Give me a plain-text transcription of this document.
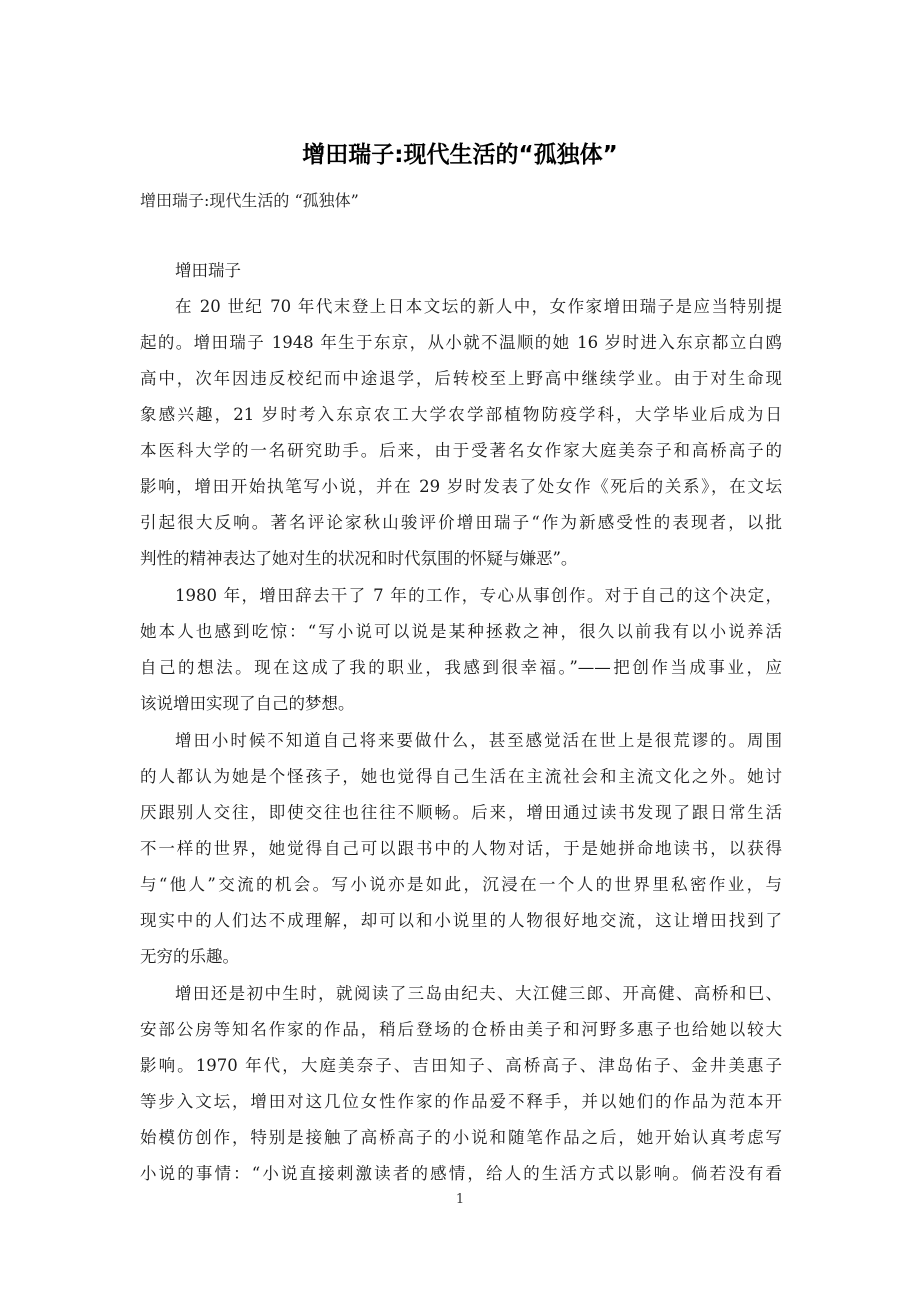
增田瑞子:现代生活的“孤独体”
增田瑞子:现代生活的 “孤独体”
增田瑞子
在 20 世纪 70 年代末登上日本文坛的新人中，女作家增田瑞子是应当特别提
起的。增田瑞子 1948 年生于东京，从小就不温顺的她 16 岁时进入东京都立白鸥
高中，次年因违反校纪而中途退学，后转校至上野高中继续学业。由于对生命现
象感兴趣，21 岁时考入东京农工大学农学部植物防疫学科，大学毕业后成为日
本医科大学的一名研究助手。后来，由于受著名女作家大庭美奈子和高桥高子的
影响，增田开始执笔写小说，并在 29 岁时发表了处女作《死后的关系》，在文坛
引起很大反响。著名评论家秋山骏评价增田瑞子“作为新感受性的表现者，以批
判性的精神表达了她对生的状况和时代氛围的怀疑与嫌恶”。
1980 年，增田辞去干了 7 年的工作，专心从事创作。对于自己的这个决定，
她本人也感到吃惊：“写小说可以说是某种拯救之神，很久以前我有以小说养活
自己的想法。现在这成了我的职业，我感到很幸福。”——把创作当成事业，应
该说增田实现了自己的梦想。
增田小时候不知道自己将来要做什么，甚至感觉活在世上是很荒谬的。周围
的人都认为她是个怪孩子，她也觉得自己生活在主流社会和主流文化之外。她讨
厌跟别人交往，即使交往也往往不顺畅。后来，增田通过读书发现了跟日常生活
不一样的世界，她觉得自己可以跟书中的人物对话，于是她拼命地读书，以获得
与“他人”交流的机会。写小说亦是如此，沉浸在一个人的世界里私密作业，与
现实中的人们达不成理解，却可以和小说里的人物很好地交流，这让增田找到了
无穷的乐趣。
增田还是初中生时，就阅读了三岛由纪夫、大江健三郎、开高健、高桥和巳、
安部公房等知名作家的作品，稍后登场的仓桥由美子和河野多惠子也给她以较大
影响。1970 年代，大庭美奈子、吉田知子、高桥高子、津岛佑子、金井美惠子
等步入文坛，增田对这几位女性作家的作品爱不释手，并以她们的作品为范本开
始模仿创作，特别是接触了高桥高子的小说和随笔作品之后，她开始认真考虑写
小说的事情：“小说直接刺激读者的感情，给人的生活方式以影响。倘若没有看
1
